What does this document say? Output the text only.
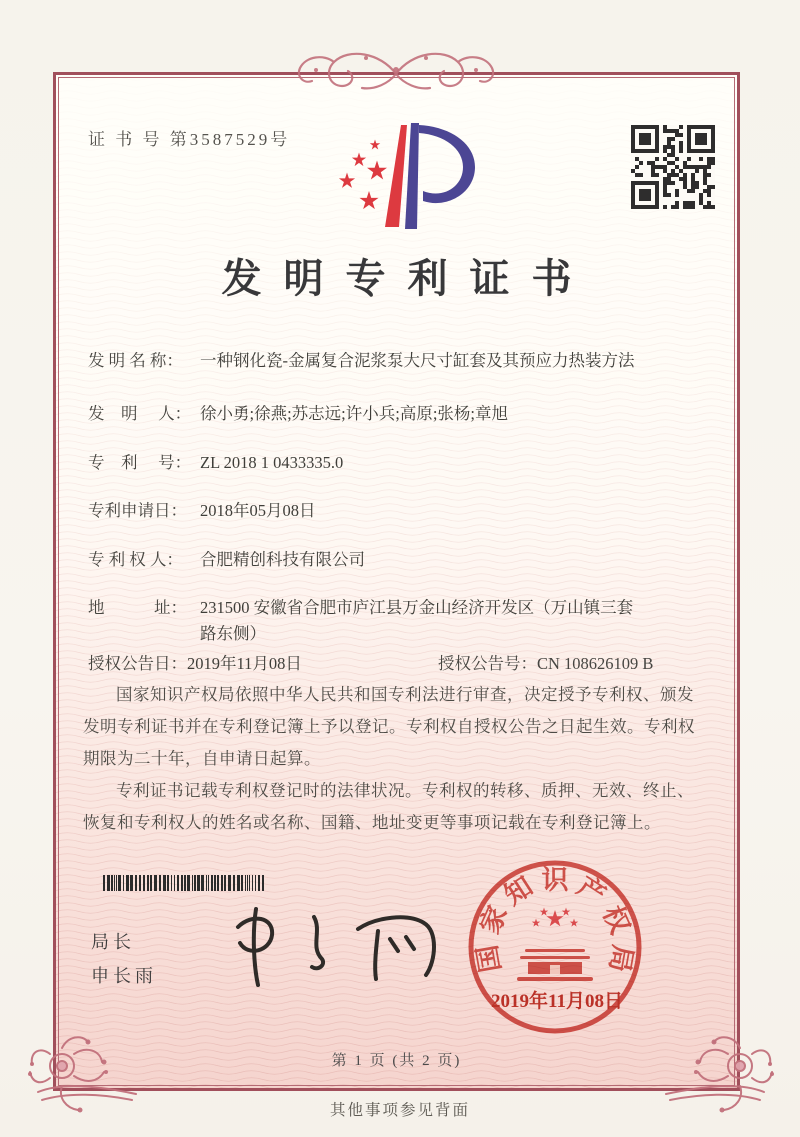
证 书 号 第3587529号
发明专利证书
发 明 名 称： 一种钢化瓷-金属复合泥浆泵大尺寸缸套及其预应力热装方法
发　明　 人： 徐小勇;徐燕;苏志远;许小兵;高原;张杨;章旭
专　利　 号： ZL 2018 1 0433335.0
专利申请日： 2018年05月08日
专 利 权 人： 合肥精创科技有限公司
地　　　址： 231500 安徽省合肥市庐江县万金山经济开发区（万山镇三套路东侧）
授权公告日：2019年11月08日	授权公告号：CN 108626109 B

国家知识产权局依照中华人民共和国专利法进行审查，决定授予专利权、颁发发明专利证书并在专利登记簿上予以登记。专利权自授权公告之日起生效。专利权期限为二十年，自申请日起算。

专利证书记载专利权登记时的法律状况。专利权的转移、质押、无效、终止、恢复和专利权人的姓名或名称、国籍、地址变更等事项记载在专利登记簿上。

局长
申长雨
国
家
知 识 产
权
局
2019年11月08日
第 1 页 (共 2 页)
其他事项参见背面
